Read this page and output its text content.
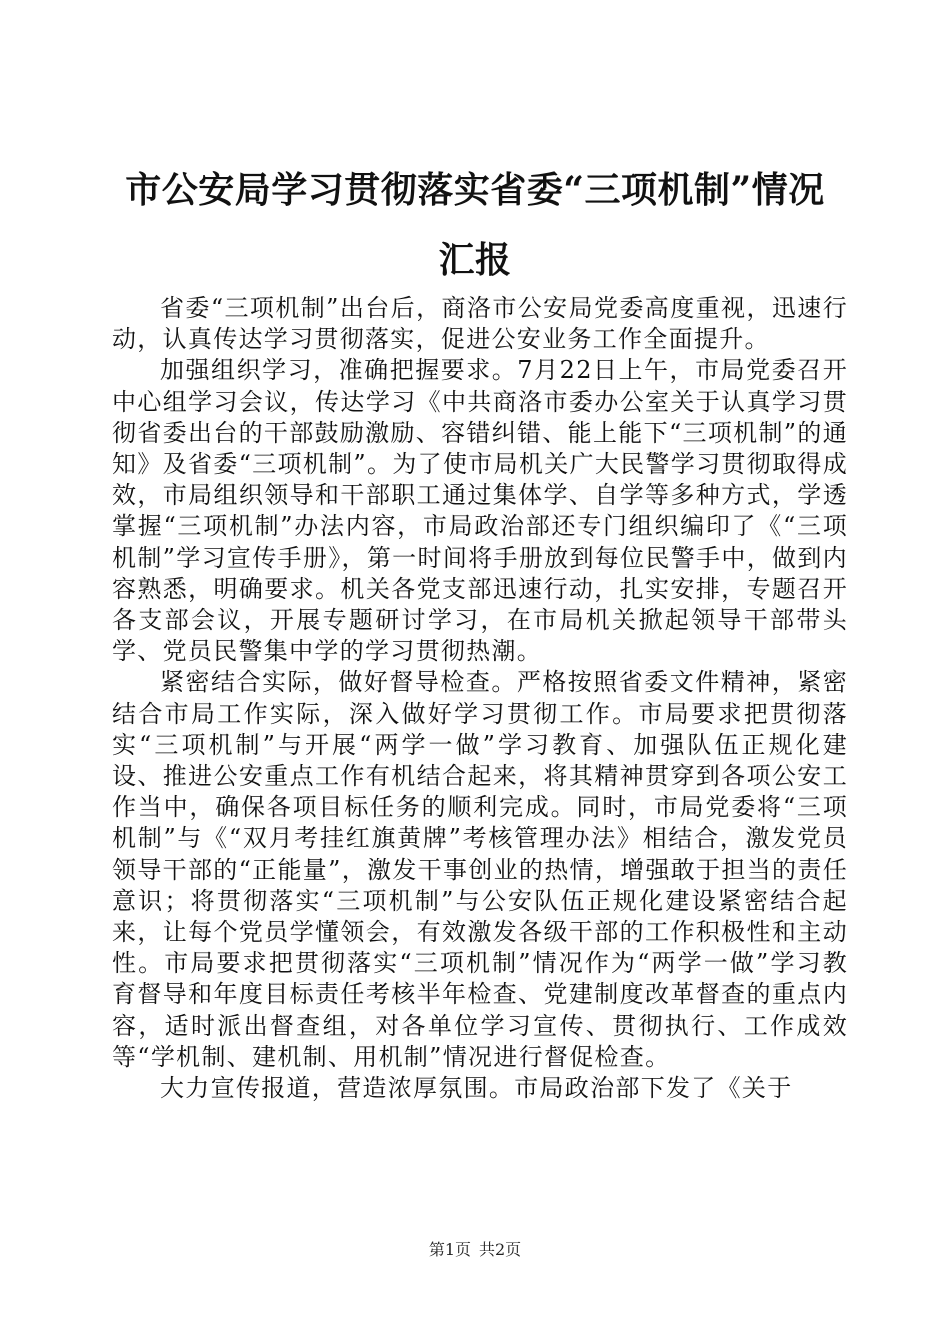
市公安局学习贯彻落实省委“三项机制”情况汇报

省委“三项机制”出台后，商洛市公安局党委高度重视，迅速行动，认真传达学习贯彻落实，促进公安业务工作全面提升。

加强组织学习，准确把握要求。7月22日上午，市局党委召开中心组学习会议，传达学习《中共商洛市委办公室关于认真学习贯彻省委出台的干部鼓励激励、容错纠错、能上能下“三项机制”的通知》及省委“三项机制”。为了使市局机关广大民警学习贯彻取得成效，市局组织领导和干部职工通过集体学、自学等多种方式，学透掌握“三项机制”办法内容，市局政治部还专门组织编印了《“三项机制”学习宣传手册》，第一时间将手册放到每位民警手中，做到内容熟悉，明确要求。机关各党支部迅速行动，扎实安排，专题召开各支部会议，开展专题研讨学习，在市局机关掀起领导干部带头学、党员民警集中学的学习贯彻热潮。

紧密结合实际，做好督导检查。严格按照省委文件精神，紧密结合市局工作实际，深入做好学习贯彻工作。市局要求把贯彻落实“三项机制”与开展“两学一做”学习教育、加强队伍正规化建设、推进公安重点工作有机结合起来，将其精神贯穿到各项公安工作当中，确保各项目标任务的顺利完成。同时，市局党委将“三项机制”与《“双月考挂红旗黄牌”考核管理办法》相结合，激发党员领导干部的“正能量”，激发干事创业的热情，增强敢于担当的责任意识；将贯彻落实“三项机制”与公安队伍正规化建设紧密结合起来，让每个党员学懂领会，有效激发各级干部的工作积极性和主动性。市局要求把贯彻落实“三项机制”情况作为“两学一做”学习教育督导和年度目标责任考核半年检查、党建制度改革督查的重点内容，适时派出督查组，对各单位学习宣传、贯彻执行、工作成效等“学机制、建机制、用机制”情况进行督促检查。

大力宣传报道，营造浓厚氛围。市局政治部下发了《关于

第1页 共2页
